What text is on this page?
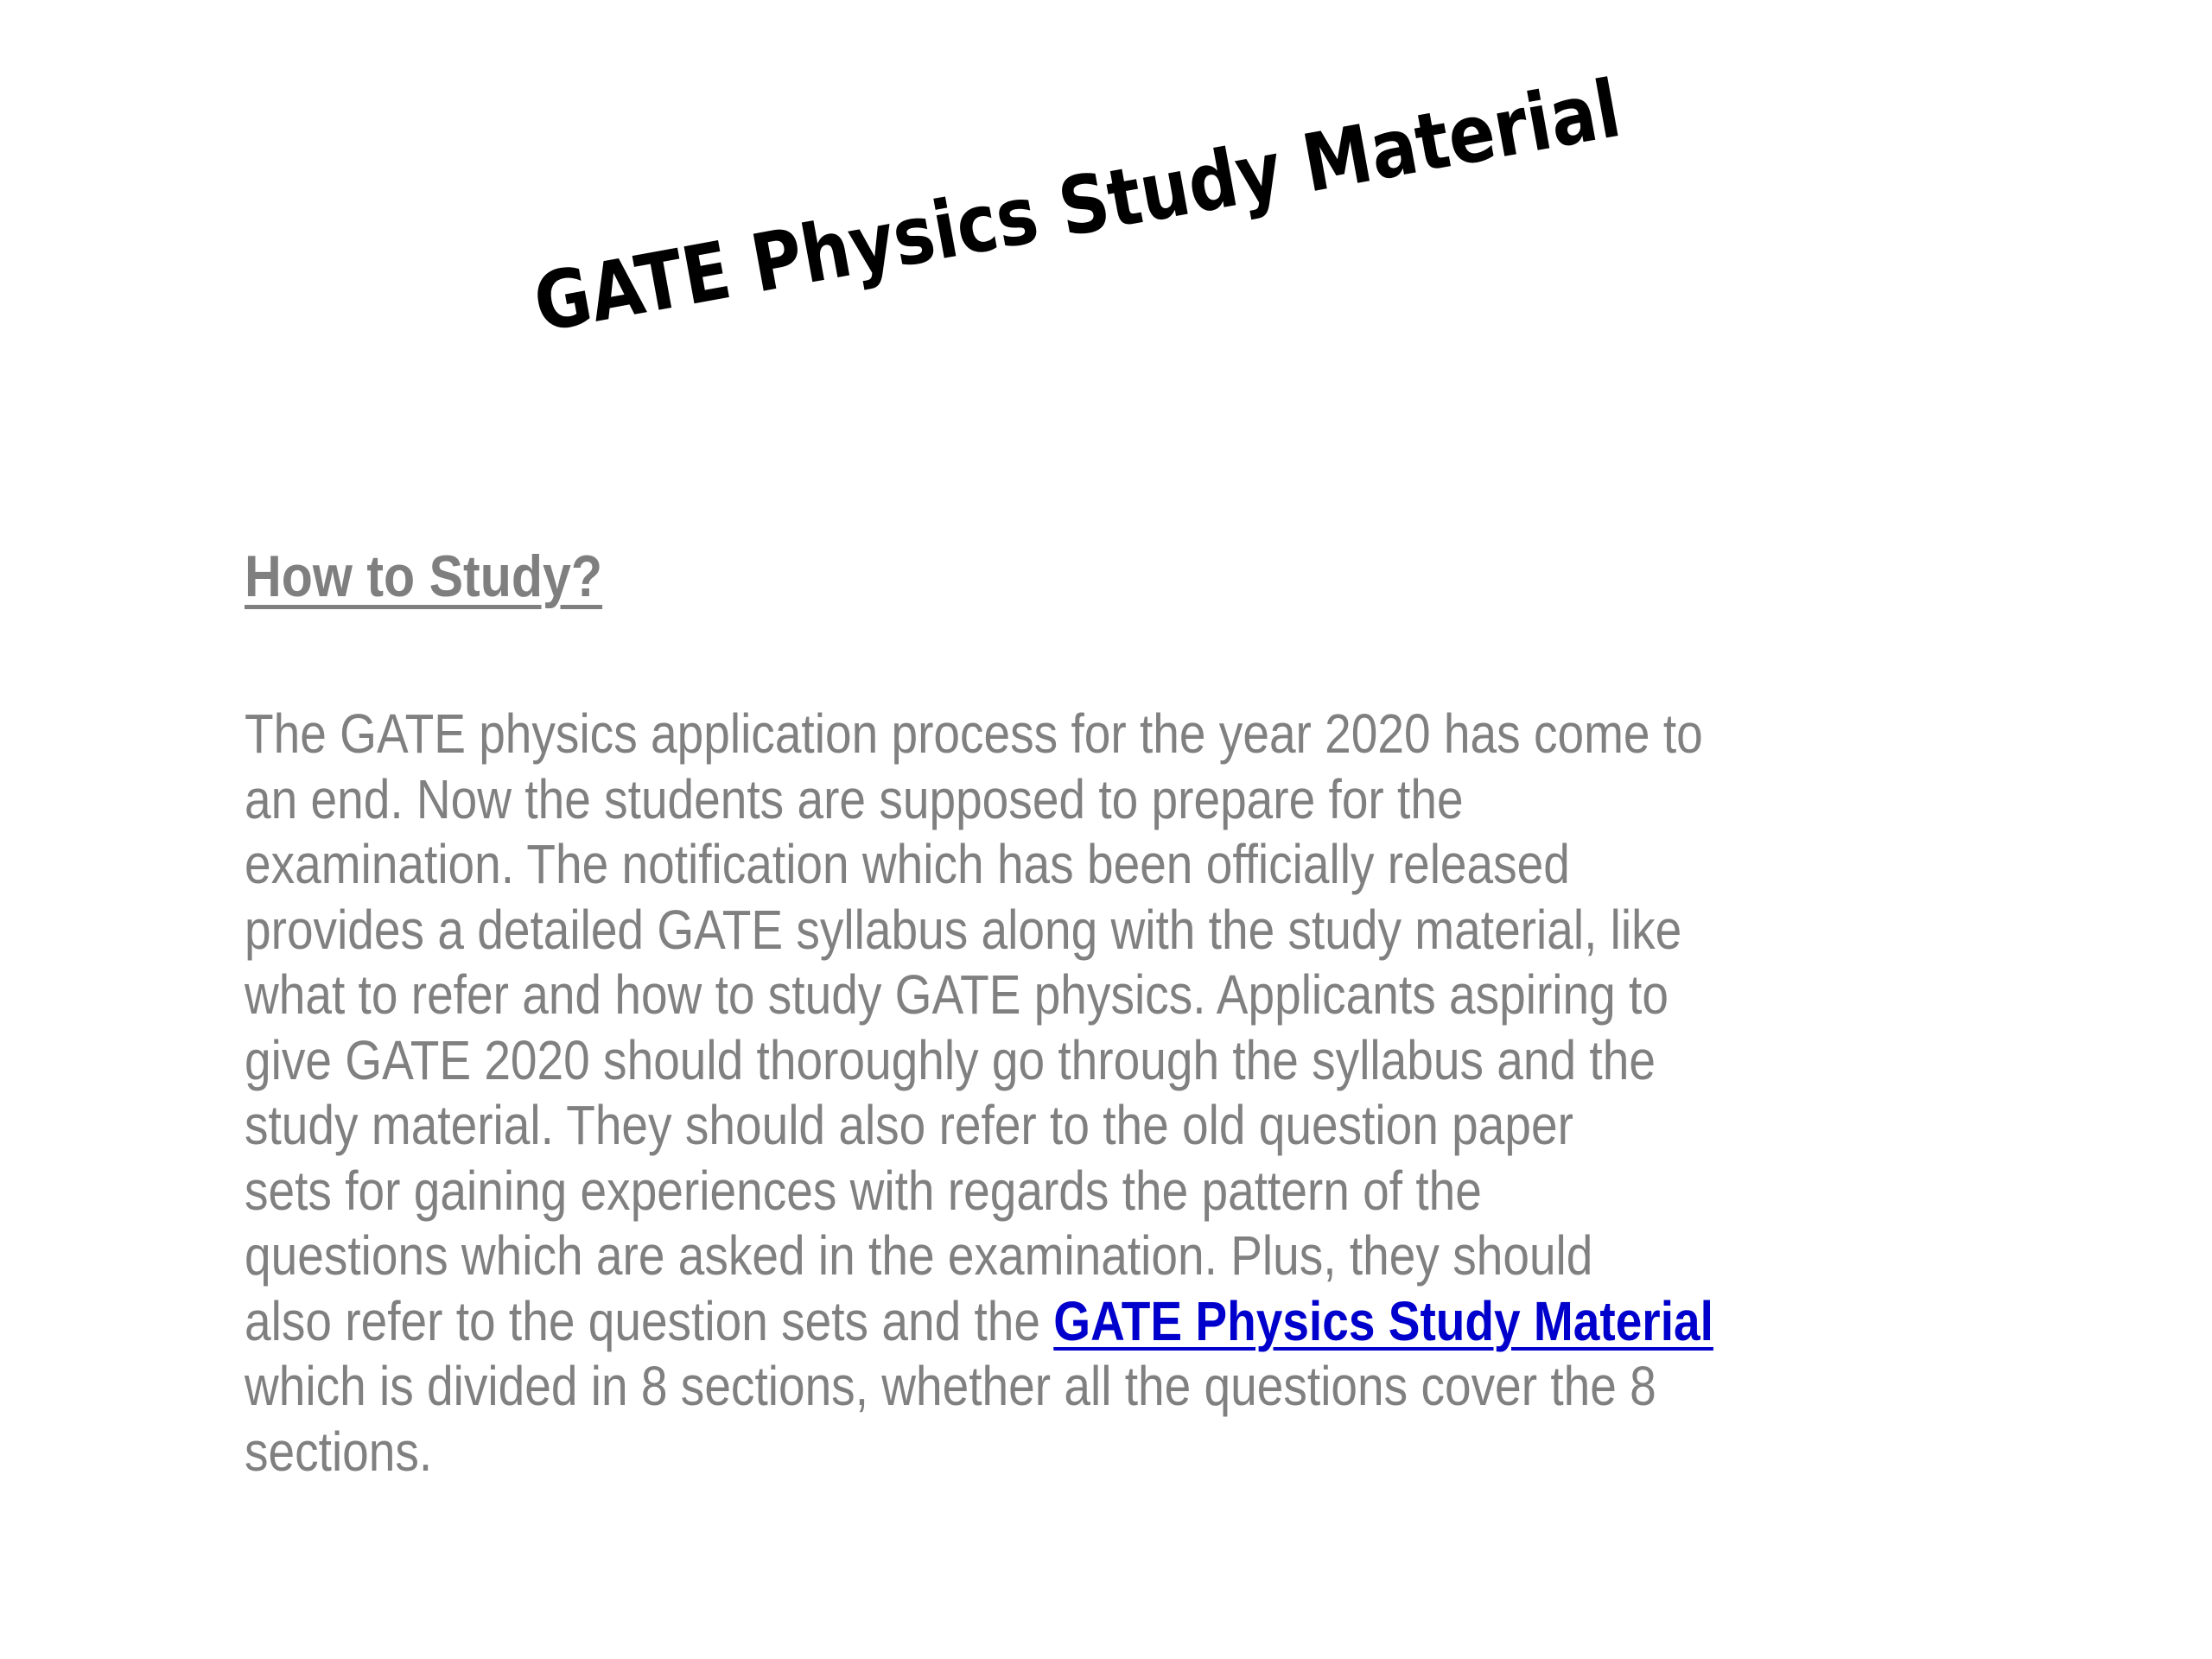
GATE Physics Study Material
How to Study?
The GATE physics application process for the year 2020 has come to
an end. Now the students are supposed to prepare for the
examination. The notification which has been officially released
provides a detailed GATE syllabus along with the study material, like
what to refer and how to study GATE physics. Applicants aspiring to
give GATE 2020 should thoroughly go through the syllabus and the
study material. They should also refer to the old question paper
sets for gaining experiences with regards the pattern of the
questions which are asked in the examination. Plus, they should
also refer to the question sets and the GATE Physics Study Material
which is divided in 8 sections, whether all the questions cover the 8
sections.
